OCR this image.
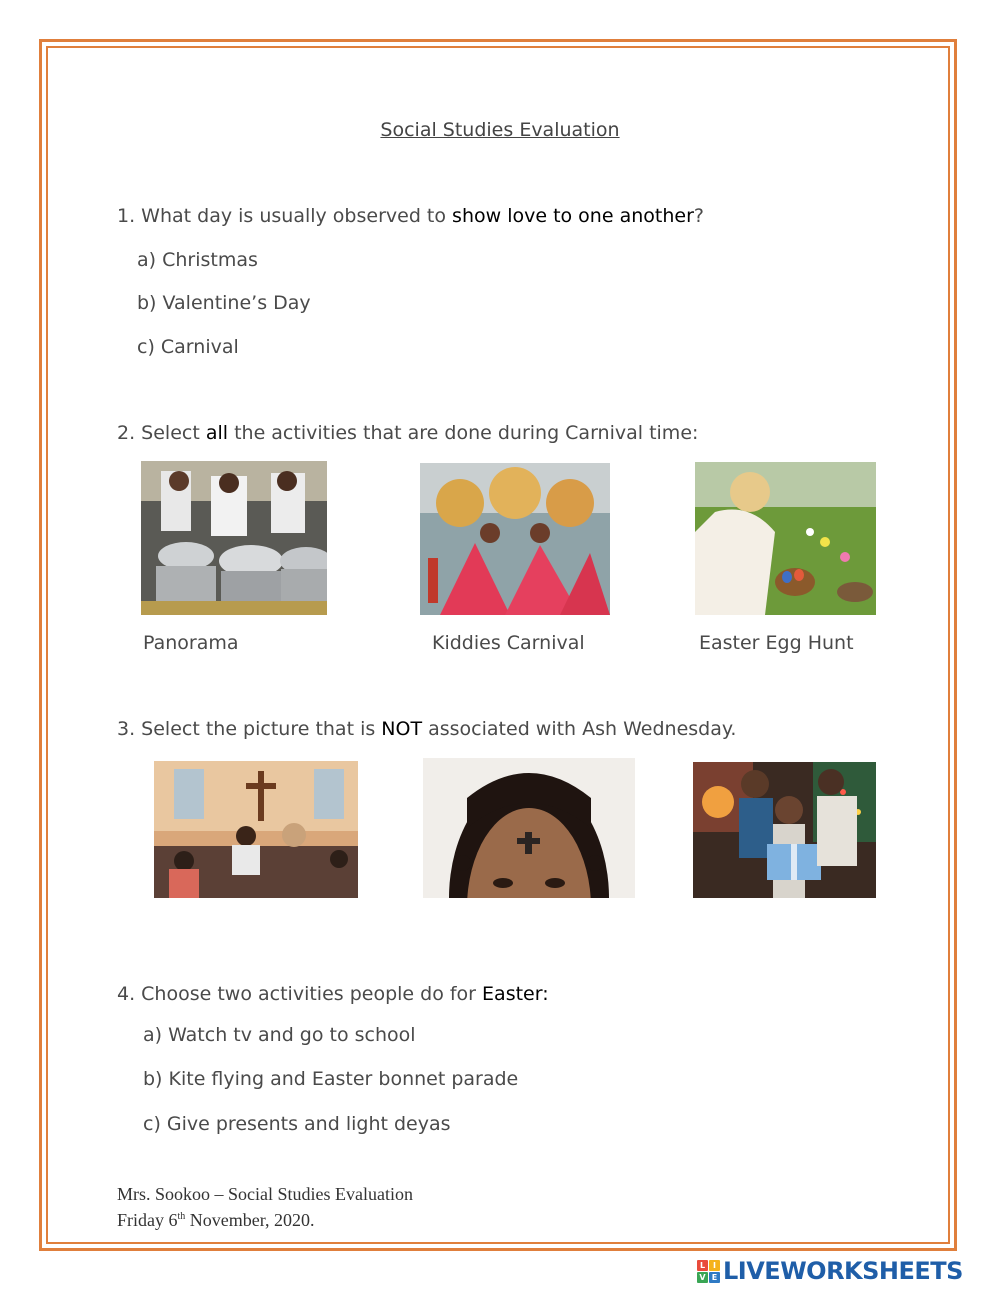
Social Studies Evaluation
1. What day is usually observed to show love to one another?
a) Christmas
b) Valentine’s Day
c) Carnival
2. Select all the activities that are done during Carnival time:
Panorama	Kiddies Carnival	Easter Egg Hunt
3. Select the picture that is NOT associated with Ash Wednesday.
4. Choose two activities people do for Easter:
a) Watch tv and go to school
b) Kite flying and Easter bonnet parade
c) Give presents and light deyas
Mrs. Sookoo – Social Studies Evaluation
Friday 6th November, 2020.
L I
V E LIVEWORKSHEETS
